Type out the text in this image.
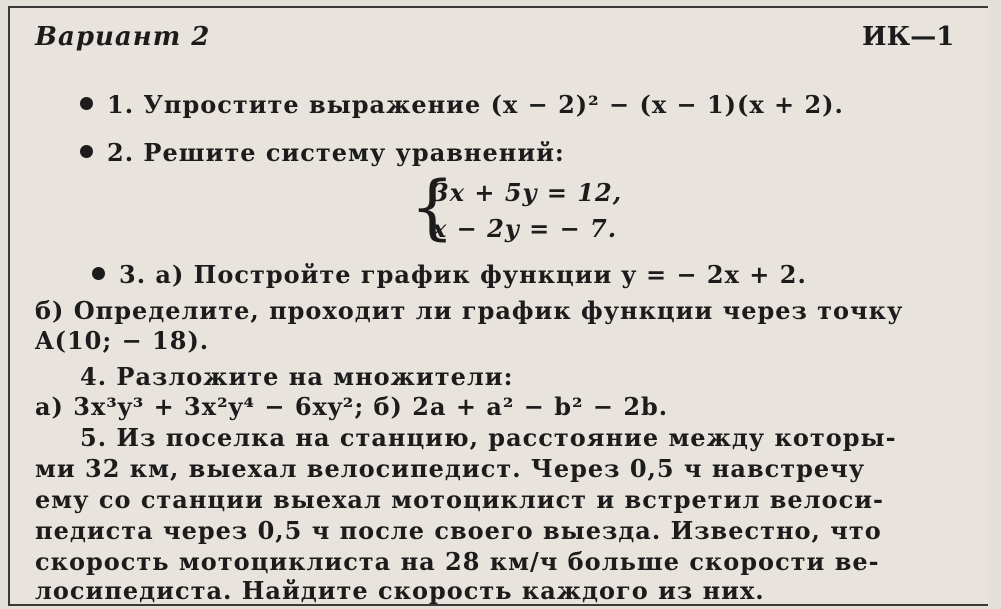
Вариант 2	ИК—1
1. Упростите выражение (x − 2)² − (x − 1)(x + 2).
2. Решите систему уравнений:
{
3x + 5y = 12,
x − 2y = − 7.
3. а) Постройте график функции y = − 2x + 2.
б) Определите, проходит ли график функции через точку
A(10; − 18).
4. Разложите на множители:
а) 3x³y³ + 3x²y⁴ − 6xy²; б) 2a + a² − b² − 2b.
5. Из поселка на станцию, расстояние между которы-
ми 32 км, выехал велосипедист. Через 0,5 ч навстречу
ему со станции выехал мотоциклист и встретил велоси-
педиста через 0,5 ч после своего выезда. Известно, что
скорость мотоциклиста на 28 км/ч больше скорости ве-
лосипедиста. Найдите скорость каждого из них.
